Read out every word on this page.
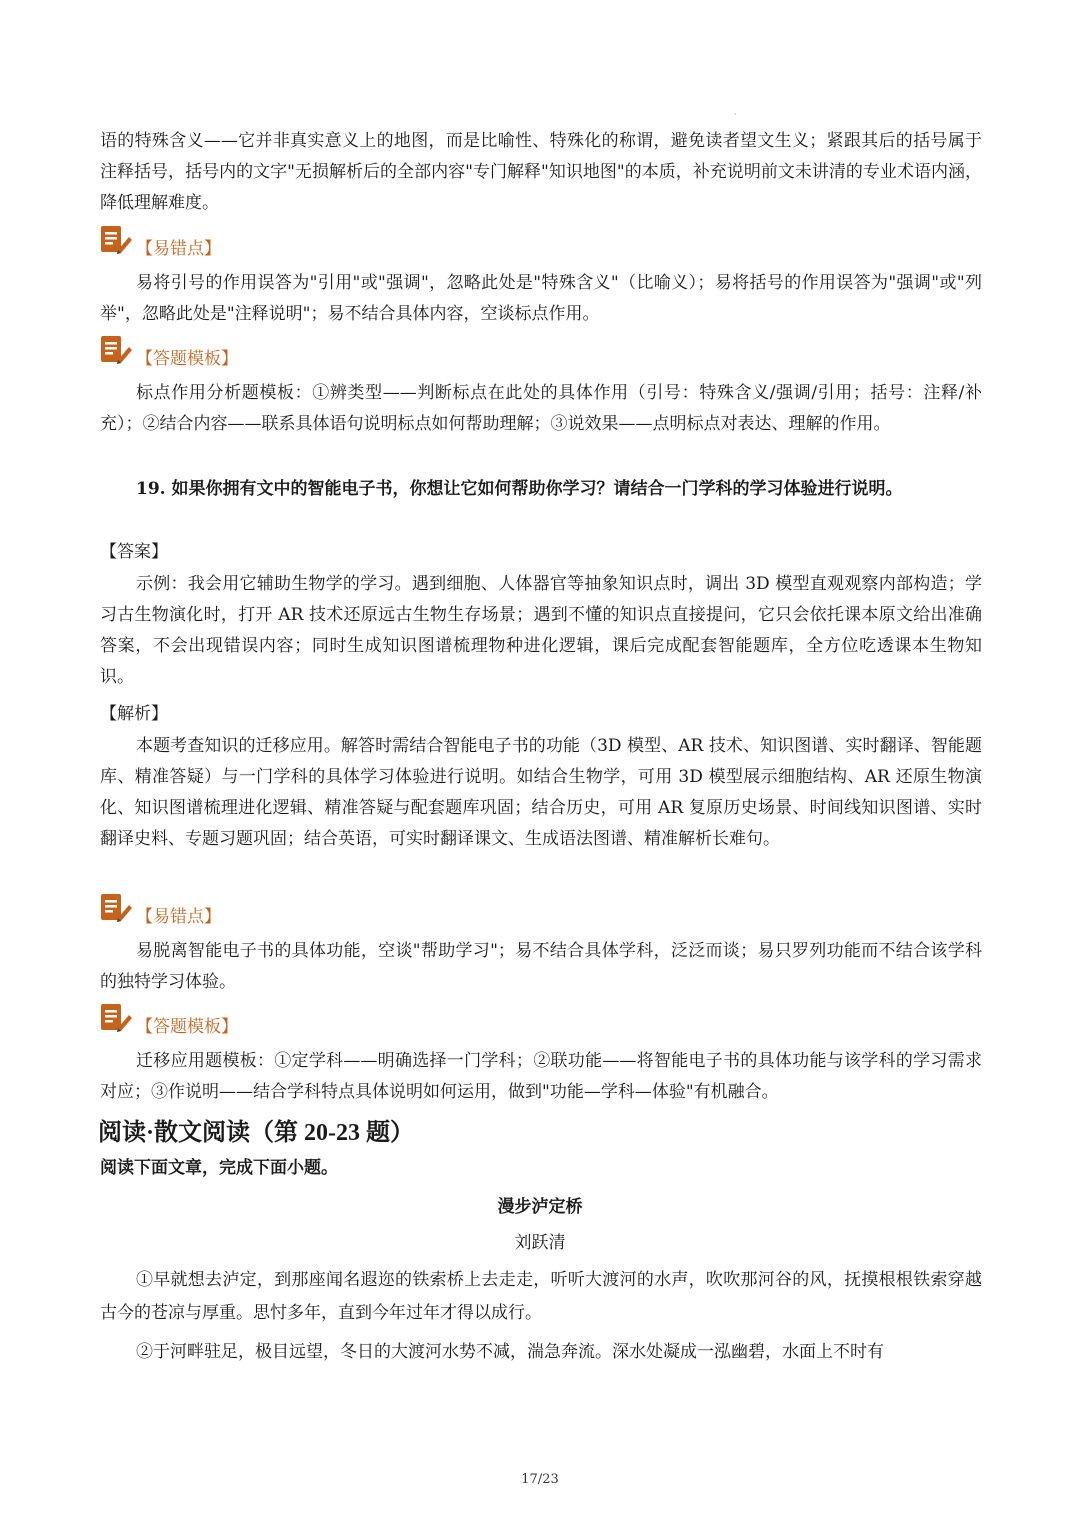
·

语的特殊含义——它并非真实意义上的地图，而是比喻性、特殊化的称谓，避免读者望文生义；紧跟其后的括号属于注释括号，括号内的文字"无损解析后的全部内容"专门解释"知识地图"的本质，补充说明前文未讲清的专业术语内涵，降低理解难度。

【易错点】

易将引号的作用误答为"引用"或"强调"，忽略此处是"特殊含义"（比喻义）；易将括号的作用误答为"强调"或"列举"，忽略此处是"注释说明"；易不结合具体内容，空谈标点作用。

【答题模板】

标点作用分析题模板：①辨类型——判断标点在此处的具体作用（引号：特殊含义/强调/引用；括号：注释/补充）；②结合内容——联系具体语句说明标点如何帮助理解；③说效果——点明标点对表达、理解的作用。

19. 如果你拥有文中的智能电子书，你想让它如何帮助你学习？请结合一门学科的学习体验进行说明。

【答案】

示例：我会用它辅助生物学的学习。遇到细胞、人体器官等抽象知识点时，调出 3D 模型直观观察内部构造；学习古生物演化时，打开 AR 技术还原远古生物生存场景；遇到不懂的知识点直接提问，它只会依托课本原文给出准确答案，不会出现错误内容；同时生成知识图谱梳理物种进化逻辑，课后完成配套智能题库，全方位吃透课本生物知识。

【解析】

本题考查知识的迁移应用。解答时需结合智能电子书的功能（3D 模型、AR 技术、知识图谱、实时翻译、智能题库、精准答疑）与一门学科的具体学习体验进行说明。如结合生物学，可用 3D 模型展示细胞结构、AR 还原生物演化、知识图谱梳理进化逻辑、精准答疑与配套题库巩固；结合历史，可用 AR 复原历史场景、时间线知识图谱、实时翻译史料、专题习题巩固；结合英语，可实时翻译课文、生成语法图谱、精准解析长难句。

【易错点】

易脱离智能电子书的具体功能，空谈"帮助学习"；易不结合具体学科，泛泛而谈；易只罗列功能而不结合该学科的独特学习体验。

【答题模板】

迁移应用题模板：①定学科——明确选择一门学科；②联功能——将智能电子书的具体功能与该学科的学习需求对应；③作说明——结合学科特点具体说明如何运用，做到"功能—学科—体验"有机融合。

阅读·散文阅读（第 20-23 题）

阅读下面文章，完成下面小题。

漫步泸定桥

刘跃清

①早就想去泸定，到那座闻名遐迩的铁索桥上去走走，听听大渡河的水声，吹吹那河谷的风，抚摸根根铁索穿越古今的苍凉与厚重。思忖多年，直到今年过年才得以成行。

②于河畔驻足，极目远望，冬日的大渡河水势不减，湍急奔流。深水处凝成一泓幽碧，水面上不时有

17/23
